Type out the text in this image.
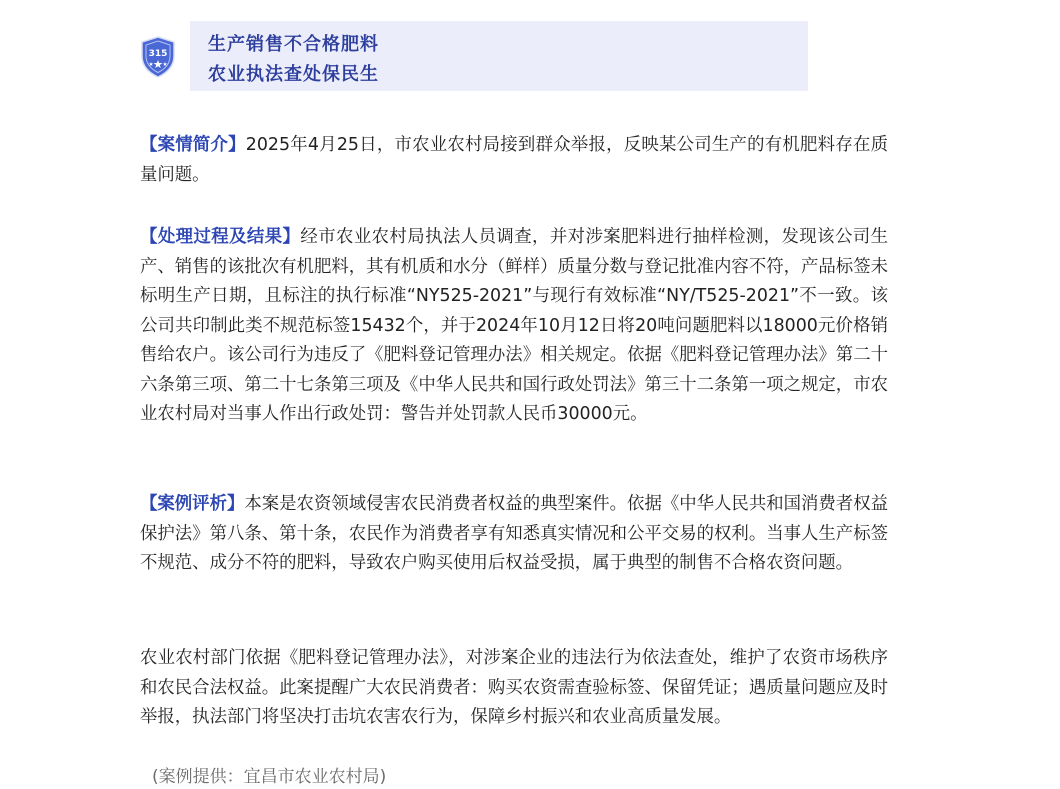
315 生产销售不合格肥料
农业执法查处保民生
【案情简介】2025年4月25日，市农业农村局接到群众举报，反映某公司生产的有机肥料存在质量问题。
【处理过程及结果】经市农业农村局执法人员调查，并对涉案肥料进行抽样检测，发现该公司生产、销售的该批次有机肥料，其有机质和水分（鲜样）质量分数与登记批准内容不符，产品标签未标明生产日期，且标注的执行标准“NY525-2021”与现行有效标准“NY/T525-2021”不一致。该公司共印制此类不规范标签15432个，并于2024年10月12日将20吨问题肥料以18000元价格销售给农户。该公司行为违反了《肥料登记管理办法》相关规定。依据《肥料登记管理办法》第二十六条第三项、第二十七条第三项及《中华人民共和国行政处罚法》第三十二条第一项之规定，市农业农村局对当事人作出行政处罚：警告并处罚款人民币30000元。
【案例评析】本案是农资领域侵害农民消费者权益的典型案件。依据《中华人民共和国消费者权益保护法》第八条、第十条，农民作为消费者享有知悉真实情况和公平交易的权利。当事人生产标签不规范、成分不符的肥料，导致农户购买使用后权益受损，属于典型的制售不合格农资问题。
农业农村部门依据《肥料登记管理办法》，对涉案企业的违法行为依法查处，维护了农资市场秩序和农民合法权益。此案提醒广大农民消费者：购买农资需查验标签、保留凭证；遇质量问题应及时举报，执法部门将坚决打击坑农害农行为，保障乡村振兴和农业高质量发展。
(案例提供：宜昌市农业农村局)
